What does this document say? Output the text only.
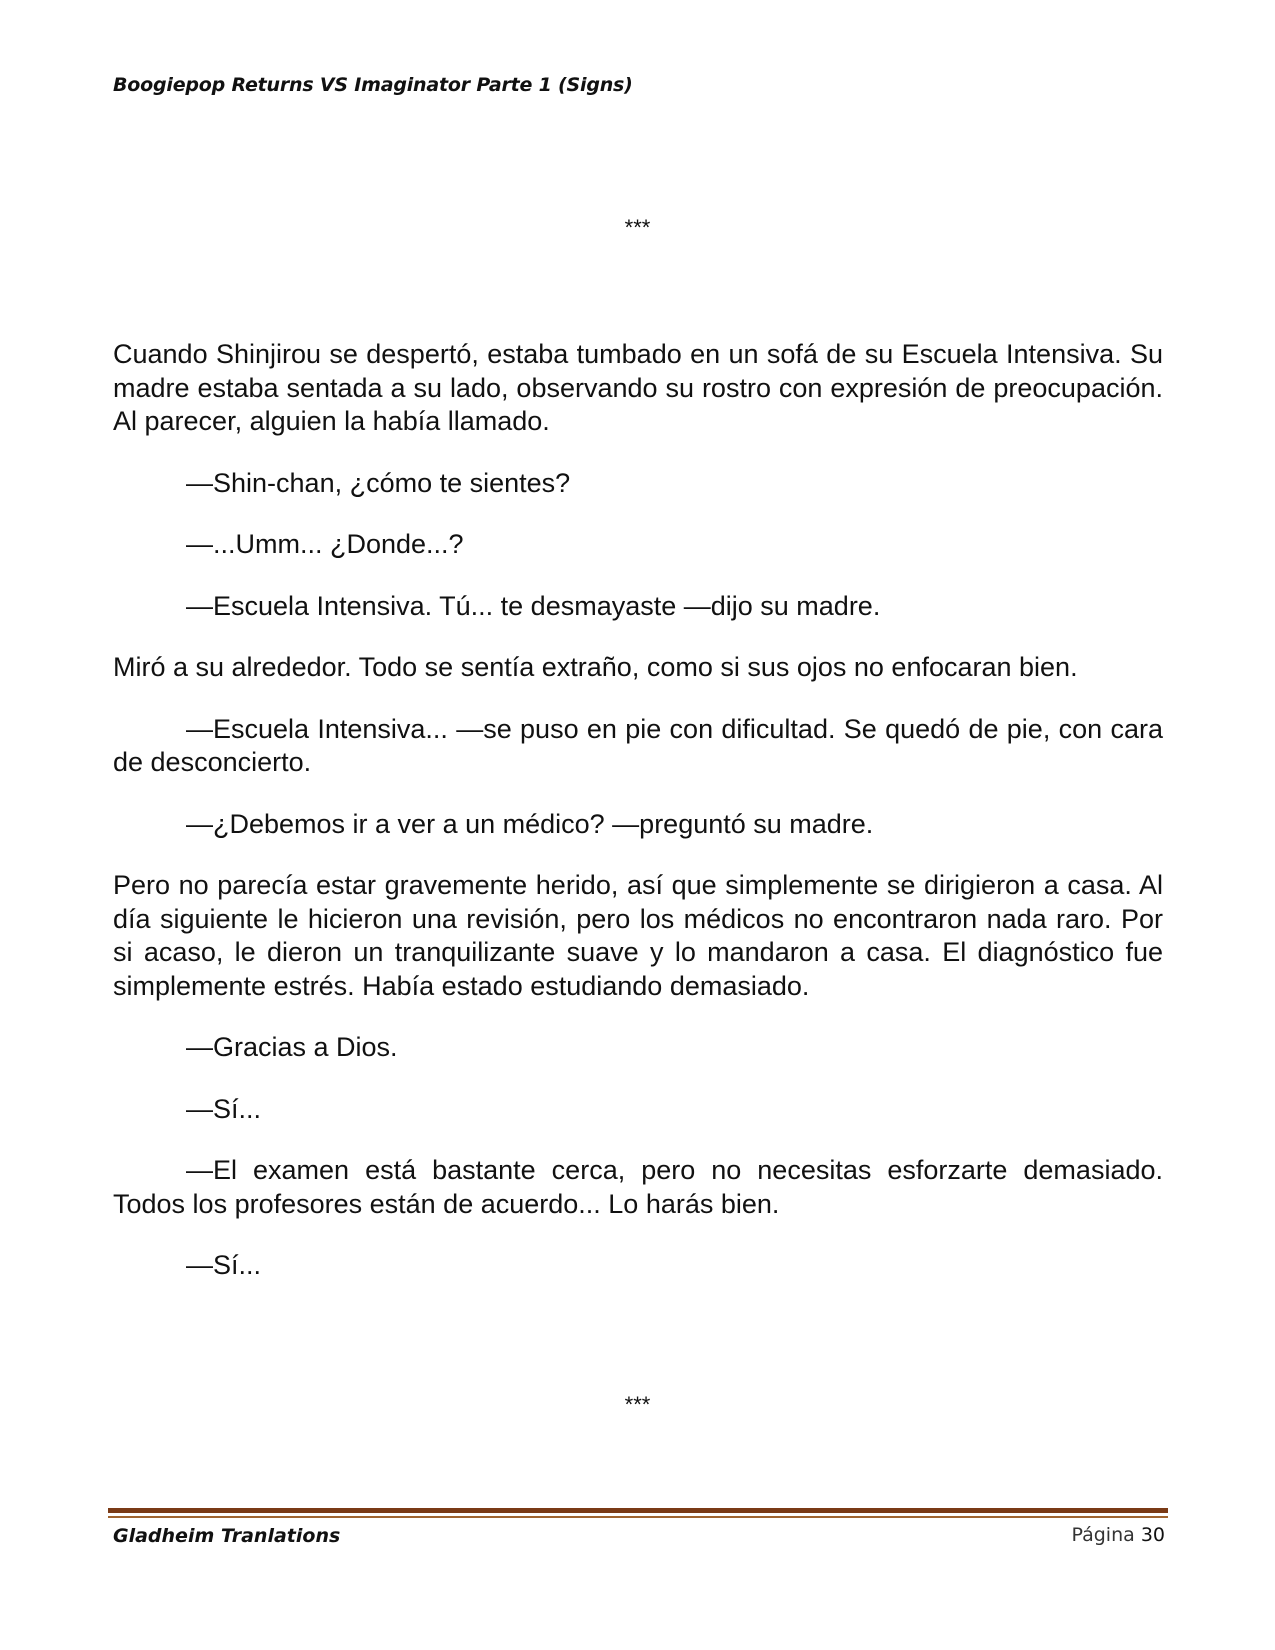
Boogiepop Returns VS Imaginator Parte 1 (Signs)
***

Cuando Shinjirou se despertó, estaba tumbado en un sofá de su Escuela Intensiva. Su madre estaba sentada a su lado, observando su rostro con expresión de preocupación. Al parecer, alguien la había llamado.

—Shin-chan, ¿cómo te sientes?

—...Umm... ¿Donde...?

—Escuela Intensiva. Tú... te desmayaste —dijo su madre.

Miró a su alrededor. Todo se sentía extraño, como si sus ojos no enfocaran bien.

—Escuela Intensiva... —se puso en pie con dificultad. Se quedó de pie, con cara de desconcierto.

—¿Debemos ir a ver a un médico? —preguntó su madre.

Pero no parecía estar gravemente herido, así que simplemente se dirigieron a casa. Al día siguiente le hicieron una revisión, pero los médicos no encontraron nada raro. Por si acaso, le dieron un tranquilizante suave y lo mandaron a casa. El diagnóstico fue simplemente estrés. Había estado estudiando demasiado.

—Gracias a Dios.

—Sí...

—El examen está bastante cerca, pero no necesitas esforzarte demasiado. Todos los profesores están de acuerdo... Lo harás bien.

—Sí...

***
Gladheim Tranlations	Página 30
